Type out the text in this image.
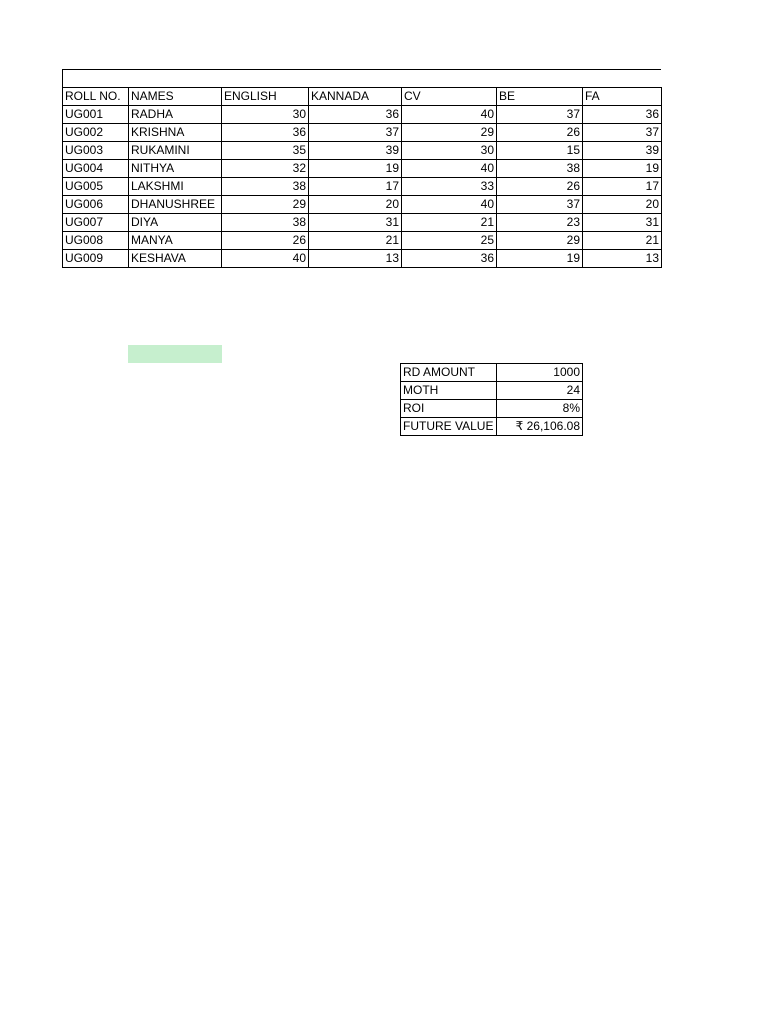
ROLL NO.	NAMES	ENGLISH	KANNADA	CV	BE	FA
UG001	RADHA	30	36	40	37	36
UG002	KRISHNA	36	37	29	26	37
UG003	RUKAMINI	35	39	30	15	39
UG004	NITHYA	32	19	40	38	19
UG005	LAKSHMI	38	17	33	26	17
UG006	DHANUSHREE	29	20	40	37	20
UG007	DIYA	38	31	21	23	31
UG008	MANYA	26	21	25	29	21
UG009	KESHAVA	40	13	36	19	13
RD AMOUNT	1000
MOTH	24
ROI	8%
FUTURE VALUE	₹ 26,106.08
